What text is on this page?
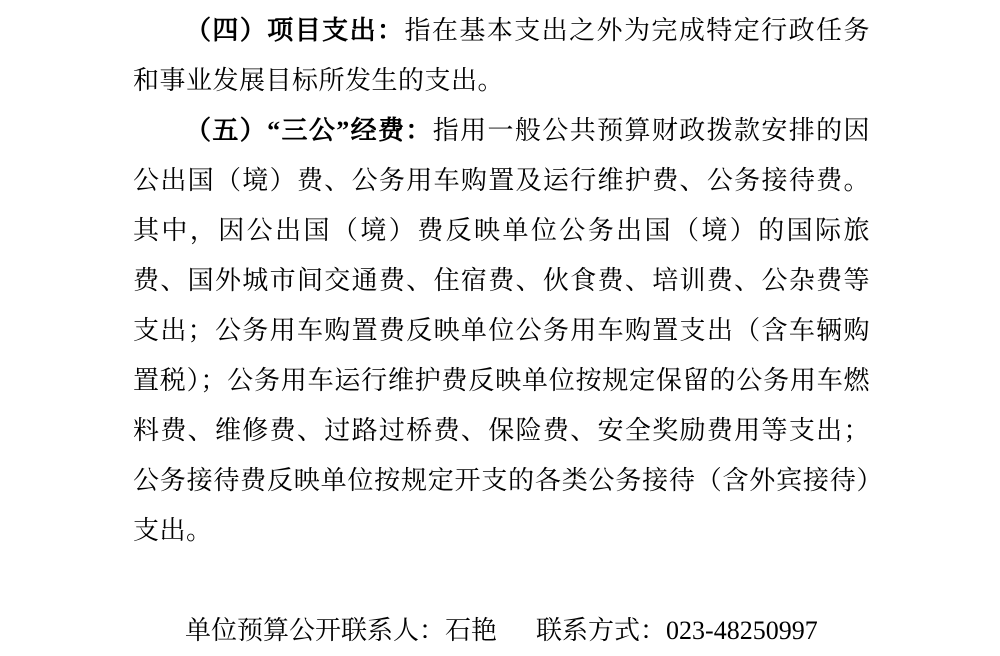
（四）项目支出：指在基本支出之外为完成特定行政任务和事业发展目标所发生的支出。

（五）“三公”经费：指用一般公共预算财政拨款安排的因公出国（境）费、公务用车购置及运行维护费、公务接待费。其中，因公出国（境）费反映单位公务出国（境）的国际旅费、国外城市间交通费、住宿费、伙食费、培训费、公杂费等支出；公务用车购置费反映单位公务用车购置支出（含车辆购置税）；公务用车运行维护费反映单位按规定保留的公务用车燃料费、维修费、过路过桥费、保险费、安全奖励费用等支出；公务接待费反映单位按规定开支的各类公务接待（含外宾接待）支出。

单位预算公开联系人：石艳 联系方式：023-48250997
